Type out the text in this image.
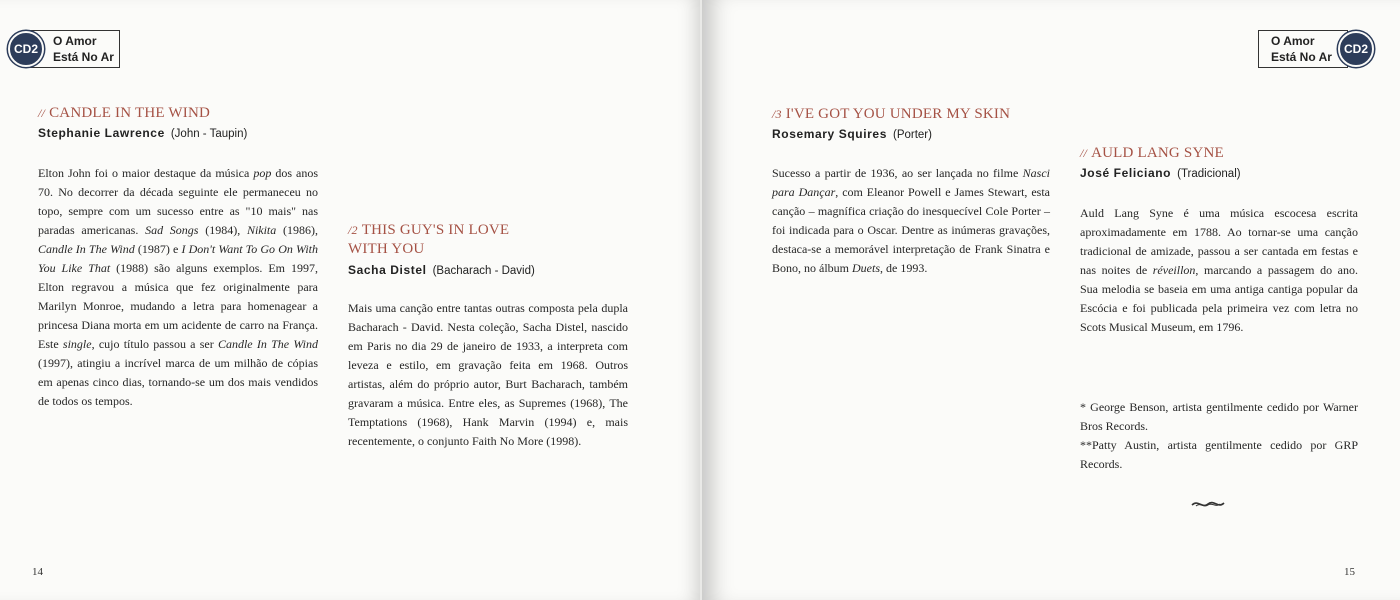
O Amor
Está No Ar
CD2
// CANDLE IN THE WIND
Stephanie Lawrence (John - Taupin)
Elton John foi o maior destaque da música pop dos anos 70. No decorrer da década seguinte ele permaneceu no topo, sempre com um sucesso entre as "10 mais" nas paradas americanas. Sad Songs (1984), Nikita (1986), Candle In The Wind (1987) e I Don't Want To Go On With You Like That (1988) são alguns exemplos. Em 1997, Elton regravou a música que fez originalmente para Marilyn Monroe, mudando a letra para homenagear a princesa Diana morta em um acidente de carro na França. Este single, cujo título passou a ser Candle In The Wind (1997), atingiu a incrível marca de um milhão de cópias em apenas cinco dias, tornando-se um dos mais vendidos de todos os tempos.
/2 THIS GUY'S IN LOVE
WITH YOU
Sacha Distel (Bacharach - David)
Mais uma canção entre tantas outras composta pela dupla Bacharach - David. Nesta coleção, Sacha Distel, nascido em Paris no dia 29 de janeiro de 1933, a interpreta com leveza e estilo, em gravação feita em 1968. Outros artistas, além do próprio autor, Burt Bacharach, também gravaram a música. Entre eles, as Supremes (1968), The Temptations (1968), Hank Marvin (1994) e, mais recentemente, o conjunto Faith No More (1998).
14
O Amor
Está No Ar
CD2
/3 I'VE GOT YOU UNDER MY SKIN
Rosemary Squires (Porter)
Sucesso a partir de 1936, ao ser lançada no filme Nasci para Dançar, com Eleanor Powell e James Stewart, esta canção – magnífica criação do inesquecível Cole Porter – foi indicada para o Oscar. Dentre as inúmeras gravações, destaca-se a memorável interpretação de Frank Sinatra e Bono, no álbum Duets, de 1993.
// AULD LANG SYNE
José Feliciano (Tradicional)
Auld Lang Syne é uma música escocesa escrita aproximadamente em 1788. Ao tornar-se uma canção tradicional de amizade, passou a ser cantada em festas e nas noites de réveillon, marcando a passagem do ano. Sua melodia se baseia em uma antiga cantiga popular da Escócia e foi publicada pela primeira vez com letra no Scots Musical Museum, em 1796.
* George Benson, artista gentilmente cedido por Warner Bros Records.
**Patty Austin, artista gentilmente cedido por GRP Records.
15
